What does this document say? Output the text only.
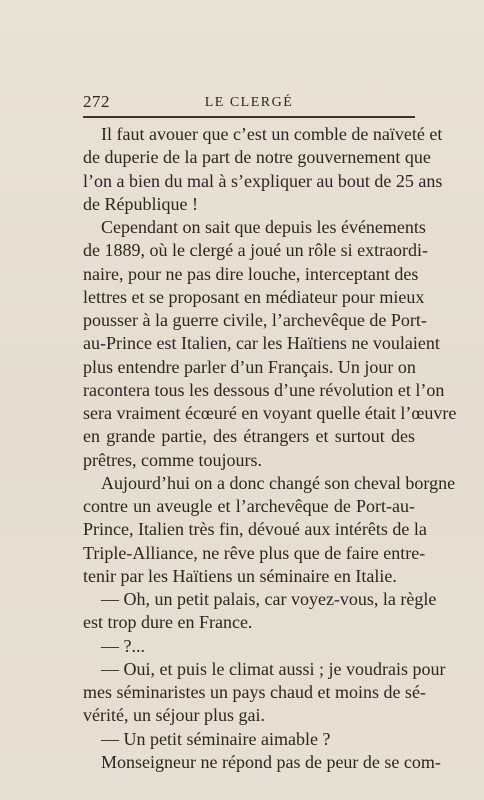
272	LE CLERGÉ
Il faut avouer que c’est un comble de naïveté et
de duperie de la part de notre gouvernement que
l’on a bien du mal à s’expliquer au bout de 25 ans
de République !
Cependant on sait que depuis les événements
de 1889, où le clergé a joué un rôle si extraordi-
naire, pour ne pas dire louche, interceptant des
lettres et se proposant en médiateur pour mieux
pousser à la guerre civile, l’archevêque de Port-
au-Prince est Italien, car les Haïtiens ne voulaient
plus entendre parler d’un Français. Un jour on
racontera tous les dessous d’une révolution et l’on
sera vraiment écœuré en voyant quelle était l’œuvre
en grande partie, des étrangers et surtout des
prêtres, comme toujours.
Aujourd’hui on a donc changé son cheval borgne
contre un aveugle et l’archevêque de Port-au-
Prince, Italien très fin, dévoué aux intérêts de la
Triple-Alliance, ne rêve plus que de faire entre-
tenir par les Haïtiens un séminaire en Italie.
— Oh, un petit palais, car voyez-vous, la règle
est trop dure en France.
— ?...
— Oui, et puis le climat aussi ; je voudrais pour
mes séminaristes un pays chaud et moins de sé-
vérité, un séjour plus gai.
— Un petit séminaire aimable ?
Monseigneur ne répond pas de peur de se com-
